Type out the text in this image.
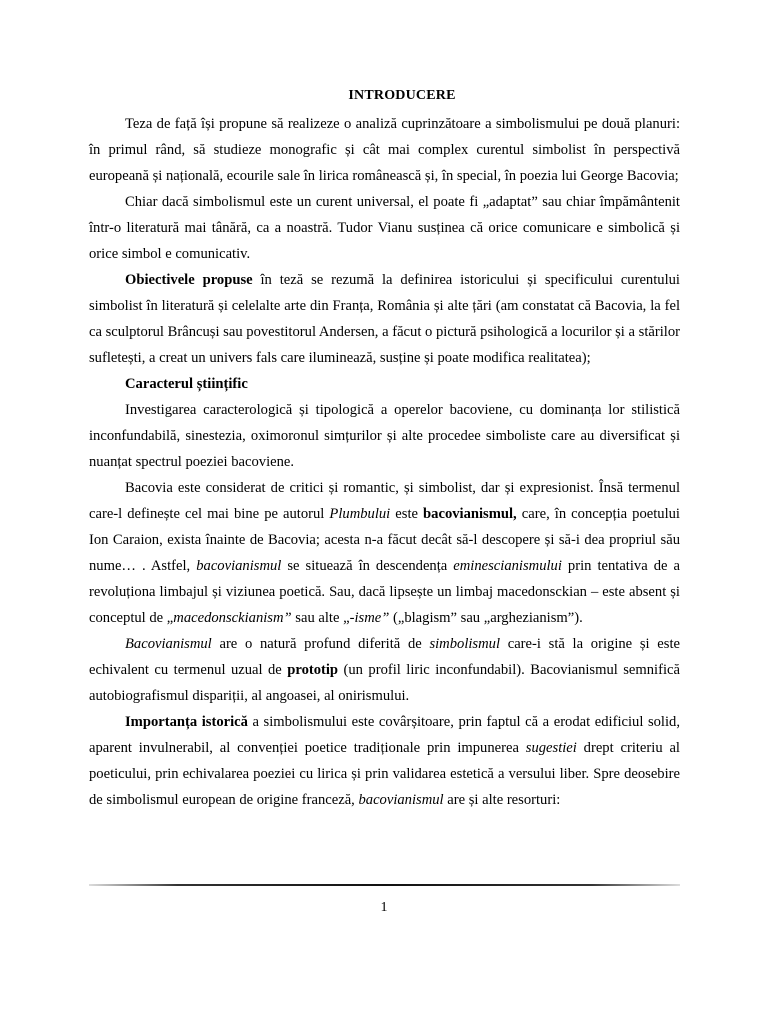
INTRODUCERE

Teza de față își propune să realizeze o analiză cuprinzătoare a simbolismului pe două planuri: în primul rând, să studieze monografic și cât mai complex curentul simbolist în perspectivă europeană și națională, ecourile sale în lirica românească și, în special, în poezia lui George Bacovia;

Chiar dacă simbolismul este un curent universal, el poate fi „adaptat” sau chiar împământenit într-o literatură mai tânără, ca a noastră. Tudor Vianu susținea că orice comunicare e simbolică și orice simbol e comunicativ.

Obiectivele propuse în teză se rezumă la definirea istoricului și specificului curentului simbolist în literatură și celelalte arte din Franța, România și alte țări (am constatat că Bacovia, la fel ca sculptorul Brâncuși sau povestitorul Andersen, a făcut o pictură psihologică a locurilor și a stărilor sufletești, a creat un univers fals care iluminează, susține și poate modifica realitatea);

Caracterul științific

Investigarea caracterologică și tipologică a operelor bacoviene, cu dominanța lor stilistică inconfundabilă, sinestezia, oximoronul simțurilor și alte procedee simboliste care au diversificat și nuanțat spectrul poeziei bacoviene.

Bacovia este considerat de critici și romantic, și simbolist, dar și expresionist. Însă termenul care-l definește cel mai bine pe autorul Plumbului este bacovianismul, care, în concepția poetului Ion Caraion, exista înainte de Bacovia; acesta n-a făcut decât să-l descopere și să-i dea propriul său nume… . Astfel, bacovianismul se situează în descendența eminescianismului prin tentativa de a revoluționa limbajul și viziunea poetică. Sau, dacă lipsește un limbaj macedonsckian – este absent și conceptul de „macedonsckianism” sau alte „-isme” („blagism” sau „arghezianism”).

Bacovianismul are o natură profund diferită de simbolismul care-i stă la origine și este echivalent cu termenul uzual de prototip (un profil liric inconfundabil). Bacovianismul semnifică autobiografismul dispariții, al angoasei, al onirismului.

Importanța istorică a simbolismului este covârșitoare, prin faptul că a erodat edificiul solid, aparent invulnerabil, al convenției poetice tradiționale prin impunerea sugestiei drept criteriu al poeticului, prin echivalarea poeziei cu lirica și prin validarea estetică a versului liber. Spre deosebire de simbolismul european de origine franceză, bacovianismul are și alte resorturi:

1
